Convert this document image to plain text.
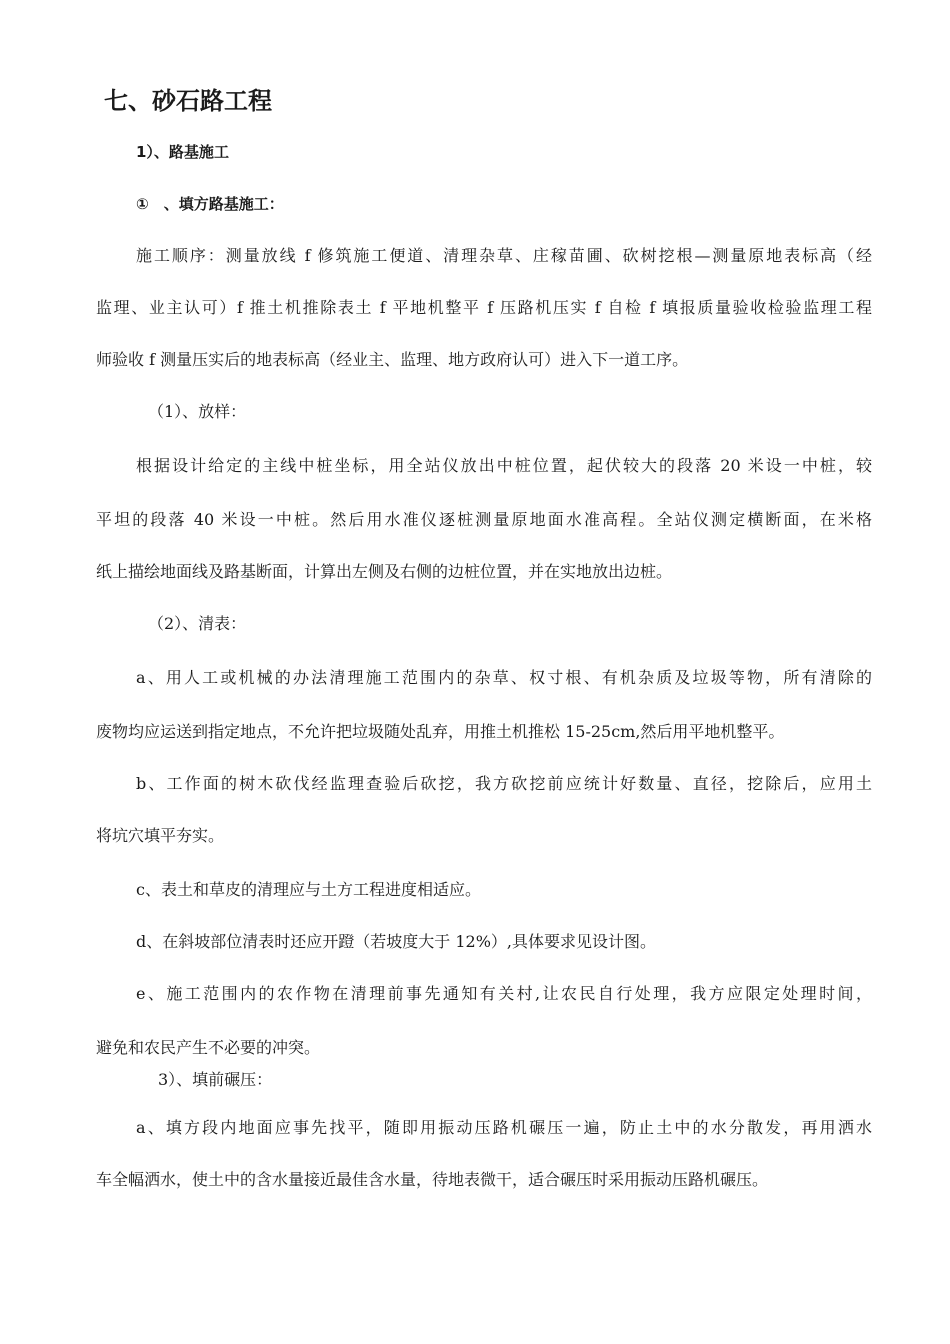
七、砂石路工程
1）、路基施工
①　、填方路基施工：
施工顺序：测量放线 f 修筑施工便道、清理杂草、庄稼苗圃、砍树挖根—测量原地表标高（经
监理、业主认可）f 推土机推除表土 f 平地机整平 f 压路机压实 f 自检 f 填报质量验收检验监理工程
师验收 f 测量压实后的地表标高（经业主、监理、地方政府认可）进入下一道工序。
（1）、放样：
根据设计给定的主线中桩坐标，用全站仪放出中桩位置，起伏较大的段落 20 米设一中桩，较
平坦的段落 40 米设一中桩。然后用水准仪逐桩测量原地面水准高程。全站仪测定横断面，在米格
纸上描绘地面线及路基断面，计算出左侧及右侧的边桩位置，并在实地放出边桩。
（2）、清表：
a、用人工或机械的办法清理施工范围内的杂草、权寸根、有机杂质及垃圾等物，所有清除的
废物均应运送到指定地点，不允许把垃圾随处乱弃，用推土机推松 15-25cm,然后用平地机整平。
b、工作面的树木砍伐经监理查验后砍挖，我方砍挖前应统计好数量、直径，挖除后，应用土
将坑穴填平夯实。
c、表土和草皮的清理应与土方工程进度相适应。
d、在斜坡部位清表时还应开蹬（若坡度大于 12%）,具体要求见设计图。
e、施工范围内的农作物在清理前事先通知有关村,让农民自行处理，我方应限定处理时间，
避免和农民产生不必要的冲突。
3）、填前碾压：
a、填方段内地面应事先找平，随即用振动压路机碾压一遍，防止土中的水分散发，再用洒水
车全幅洒水，使土中的含水量接近最佳含水量，待地表微干，适合碾压时采用振动压路机碾压。
